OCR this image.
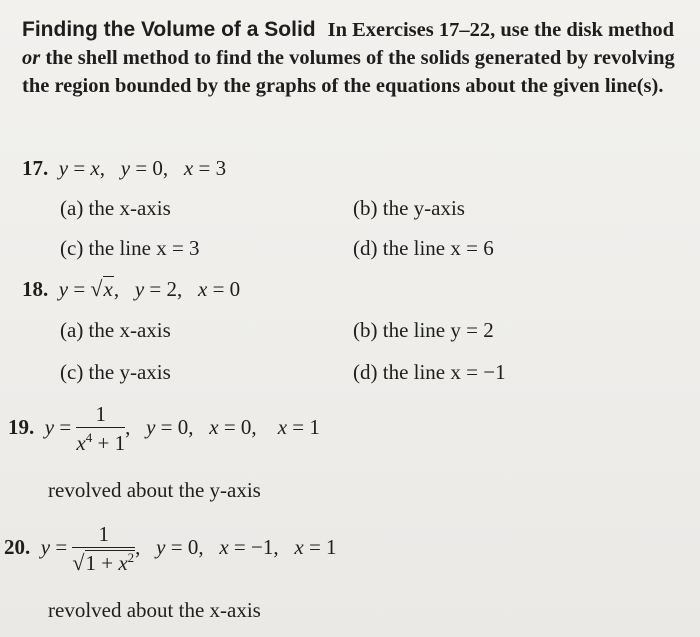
Finding the Volume of a Solid In Exercises 17–22, use the disk method or the shell method to find the volumes of the solids generated by revolving the region bounded by the graphs of the equations about the given line(s).
17. y = x,   y = 0,   x = 3
(a) the x-axis	(b) the y-axis
(c) the line x = 3	(d) the line x = 6
18. y = √x,   y = 2,   x = 0
(a) the x-axis	(b) the line y = 2
(c) the y-axis	(d) the line x = −1
19. $y = \frac{1}{x^4 + 1}$ ,   y = 0,   x = 0,    x = 1
revolved about the y-axis
20. $y = \frac{1}{√1 + x^2}$ ,   y = 0,   x = −1,   x = 1
revolved about the x-axis
